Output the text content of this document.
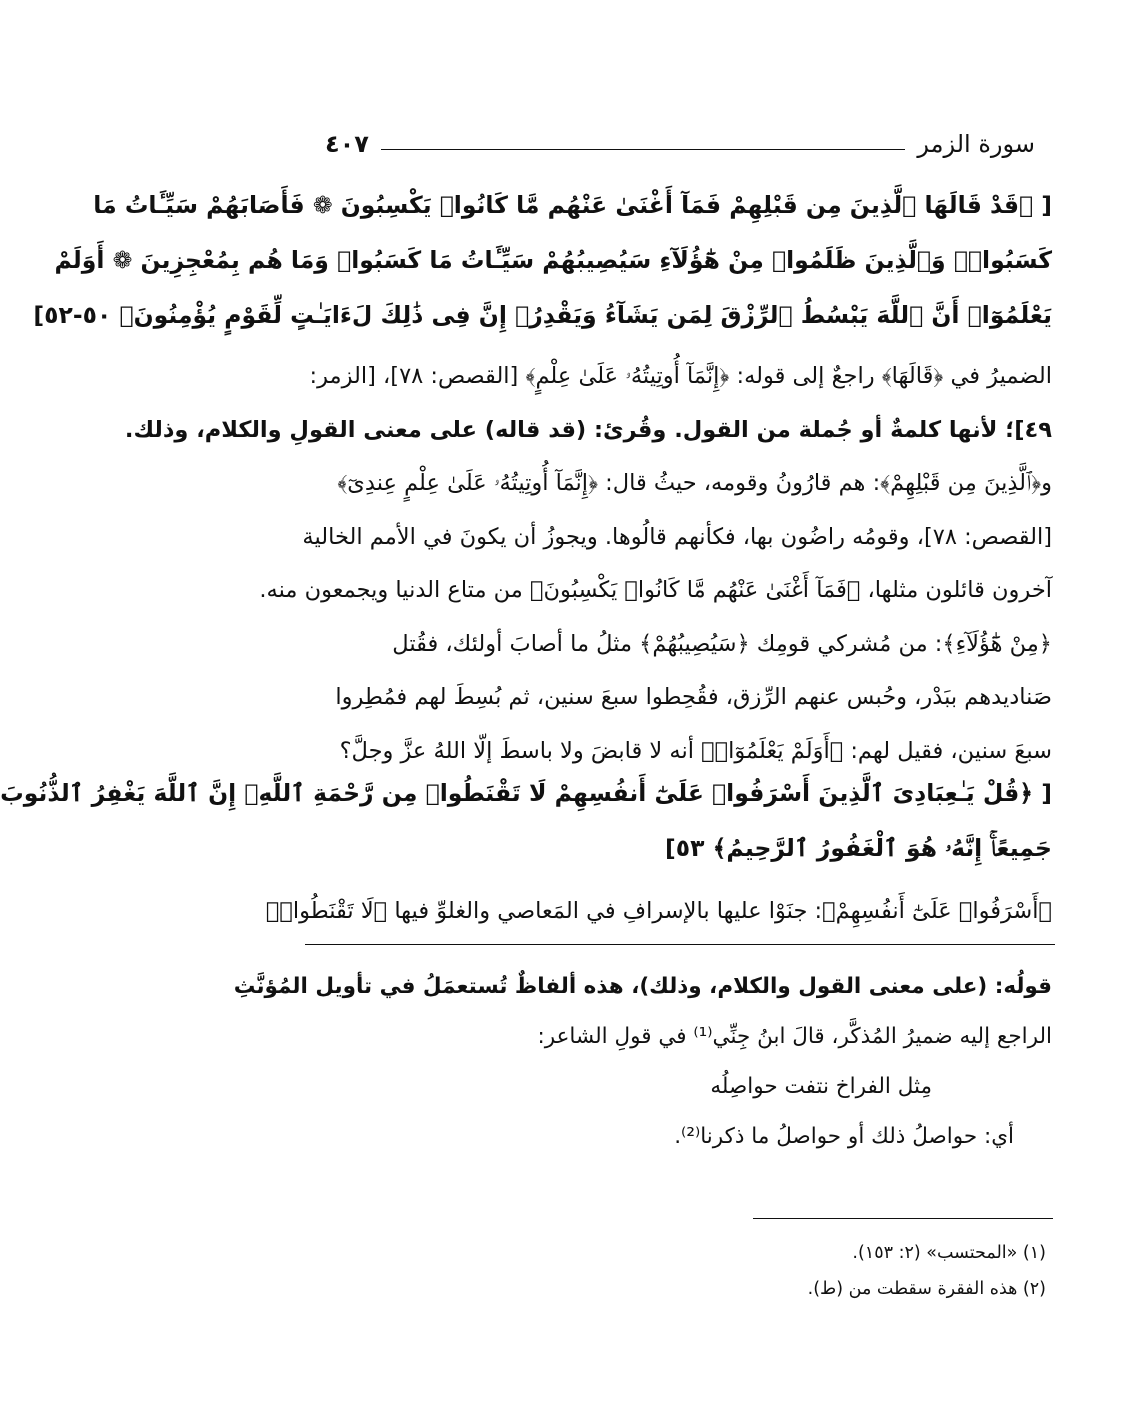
سورة الزمر
٤٠٧
[ ﴿قَدْ قَالَهَا ٱلَّذِينَ مِن قَبْلِهِمْ فَمَآ أَغْنَىٰ عَنْهُم مَّا كَانُوا۟ يَكْسِبُونَ ❁ فَأَصَابَهُمْ سَيِّـَٔاتُ مَا
كَسَبُوا۟ۚ وَٱلَّذِينَ ظَلَمُوا۟ مِنْ هَٰٓؤُلَآءِ سَيُصِيبُهُمْ سَيِّـَٔاتُ مَا كَسَبُوا۟ وَمَا هُم بِمُعْجِزِينَ ❁ أَوَلَمْ
يَعْلَمُوٓا۟ أَنَّ ٱللَّهَ يَبْسُطُ ٱلرِّزْقَ لِمَن يَشَآءُ وَيَقْدِرُۚ إِنَّ فِى ذَٰلِكَ لَءَايَـٰتٍ لِّقَوْمٍ يُؤْمِنُونَ﴾ ٥٠-٥٢]
الضميرُ في ﴿قَالَهَا﴾ راجعٌ إلى قوله: ﴿إِنَّمَآ أُوتِيتُهُۥ عَلَىٰ عِلْمٍ﴾ [القصص: ٧٨]، [الزمر:
٤٩]؛ لأنها كلمةٌ أو جُملة من القول. وقُرئ: (قد قاله) على معنى القولِ والكلام، وذلك.
و﴿ٱلَّذِينَ مِن قَبْلِهِمْ﴾: هم قارُونُ وقومه، حيثُ قال: ﴿إِنَّمَآ أُوتِيتُهُۥ عَلَىٰ عِلْمٍ عِندِىٓ﴾
[القصص: ٧٨]، وقومُه راضُون بها، فكأنهم قالُوها. ويجوزُ أن يكونَ في الأمم الخالية
آخرون قائلون مثلها، ﴿فَمَآ أَغْنَىٰ عَنْهُم مَّا كَانُوا۟ يَكْسِبُونَ﴾ من متاع الدنيا ويجمعون منه.
﴿مِنْ هَٰٓؤُلَآءِ﴾: من مُشركي قومِك ﴿سَيُصِيبُهُمْ﴾ مثلُ ما أصابَ أولئك، فقُتل
صَناديدهم ببَدْر، وحُبس عنهم الرِّزق، فقُحِطوا سبعَ سنين، ثم بُسِطَ لهم فمُطِروا
سبعَ سنين، فقيل لهم: ﴿أَوَلَمْ يَعْلَمُوٓا۟﴾ أنه لا قابضَ ولا باسطَ إلّا اللهُ عزَّ وجلَّ؟
[ ﴿قُلْ يَـٰعِبَادِىَ ٱلَّذِينَ أَسْرَفُوا۟ عَلَىٰٓ أَنفُسِهِمْ لَا تَقْنَطُوا۟ مِن رَّحْمَةِ ٱللَّهِۚ إِنَّ ٱللَّهَ يَغْفِرُ ٱلذُّنُوبَ
جَمِيعًاۚ إِنَّهُۥ هُوَ ٱلْغَفُورُ ٱلرَّحِيمُ﴾ ٥٣]
﴿أَسْرَفُوا۟ عَلَىٰٓ أَنفُسِهِمْ﴾: جنَوْا عليها بالإسرافِ في المَعاصي والغلوِّ فيها ﴿لَا تَقْنَطُوا۟﴾
قولُه: (على معنى القول والكلام، وذلك)، هذه ألفاظٌ تُستعمَلُ في تأويل المُؤنَّثِ
الراجع إليه ضميرُ المُذكَّر، قالَ ابنُ جِنِّي⁽¹⁾ في قولِ الشاعر:
مِثل الفراخ نتفت حواصِلُه
أي: حواصلُ ذلك أو حواصلُ ما ذكرنا⁽²⁾.
(١) «المحتسب» (٢: ١٥٣).
(٢) هذه الفقرة سقطت من (ط).
